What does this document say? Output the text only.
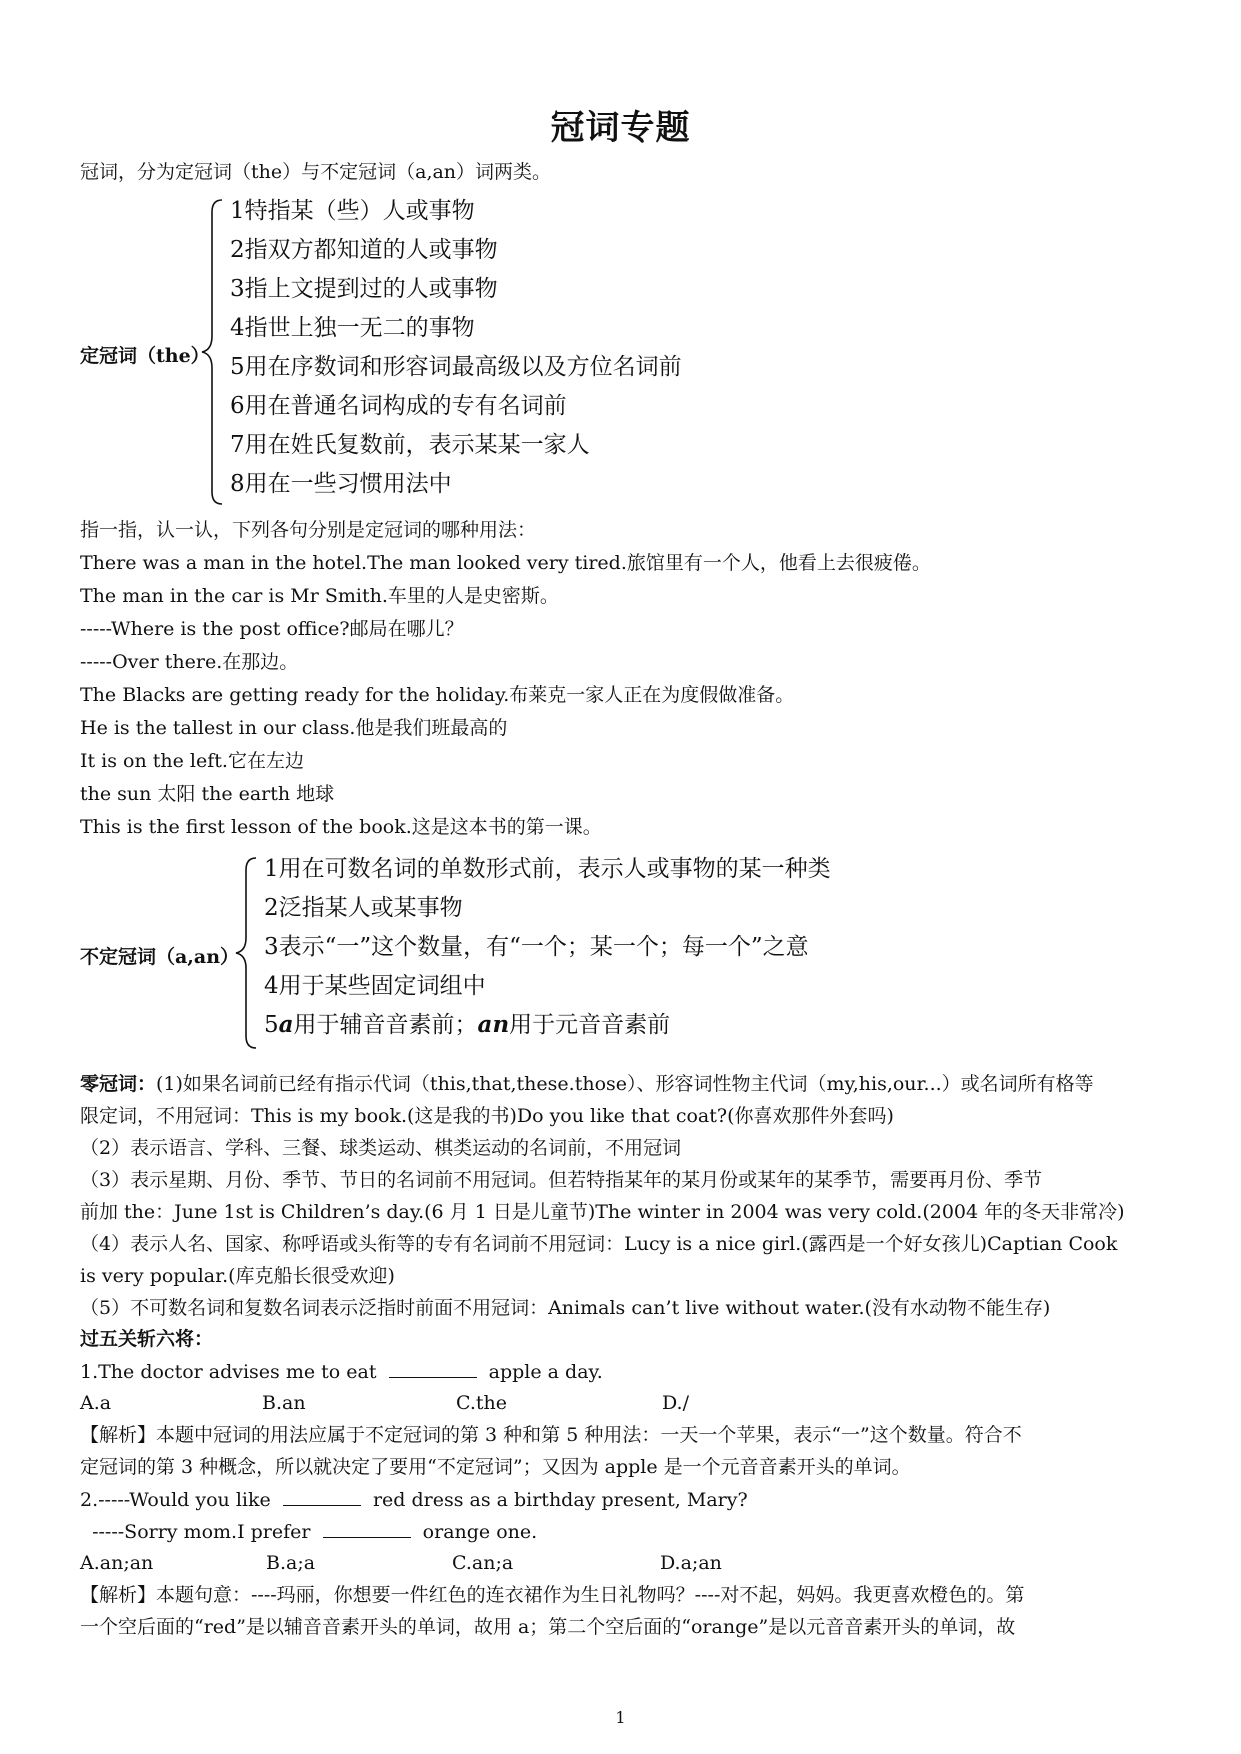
冠词专题
冠词，分为定冠词（the）与不定冠词（a,an）词两类。
定冠词（the）
1特指某（些）人或事物
2指双方都知道的人或事物
3指上文提到过的人或事物
4指世上独一无二的事物
5用在序数词和形容词最高级以及方位名词前
6用在普通名词构成的专有名词前
7用在姓氏复数前，表示某某一家人
8用在一些习惯用法中
指一指，认一认，下列各句分别是定冠词的哪种用法：
There was a man in the hotel.The man looked very tired.旅馆里有一个人，他看上去很疲倦。
The man in the car is Mr Smith.车里的人是史密斯。
-----Where is the post office?邮局在哪儿？
-----Over there.在那边。
The Blacks are getting ready for the holiday.布莱克一家人正在为度假做准备。
He is the tallest in our class.他是我们班最高的
It is on the left.它在左边
the sun 太阳 the earth 地球
This is the first lesson of the book.这是这本书的第一课。
不定冠词（a,an）
1用在可数名词的单数形式前，表示人或事物的某一种类
2泛指某人或某事物
3表示“一”这个数量，有“一个；某一个；每一个”之意
4用于某些固定词组中
5a用于辅音音素前；an用于元音音素前
零冠词：(1)如果名词前已经有指示代词（this,that,these.those）、形容词性物主代词（my,his,our...）或名词所有格等
限定词，不用冠词：This is my book.(这是我的书)Do you like that coat?(你喜欢那件外套吗)
（2）表示语言、学科、三餐、球类运动、棋类运动的名词前，不用冠词
（3）表示星期、月份、季节、节日的名词前不用冠词。但若特指某年的某月份或某年的某季节，需要再月份、季节
前加 the：June 1st is Children’s day.(6 月 1 日是儿童节)The winter in 2004 was very cold.(2004 年的冬天非常冷)
（4）表示人名、国家、称呼语或头衔等的专有名词前不用冠词：Lucy is a nice girl.(露西是一个好女孩儿)Captian Cook
is very popular.(库克船长很受欢迎)
（5）不可数名词和复数名词表示泛指时前面不用冠词：Animals can’t live without water.(没有水动物不能生存)
过五关斩六将：
1.The doctor advises me to eat	apple a day.
A.a	B.an	C.the	D./
【解析】本题中冠词的用法应属于不定冠词的第 3 种和第 5 种用法：一天一个苹果，表示“一”这个数量。符合不
定冠词的第 3 种概念，所以就决定了要用“不定冠词”；又因为 apple 是一个元音音素开头的单词。
2.-----Would you like	red dress as a birthday present, Mary?
-----Sorry mom.I prefer	orange one.
A.an;an	B.a;a	C.an;a	D.a;an
【解析】本题句意：----玛丽，你想要一件红色的连衣裙作为生日礼物吗？----对不起，妈妈。我更喜欢橙色的。第
一个空后面的“red”是以辅音音素开头的单词，故用 a；第二个空后面的“orange”是以元音音素开头的单词，故
1
